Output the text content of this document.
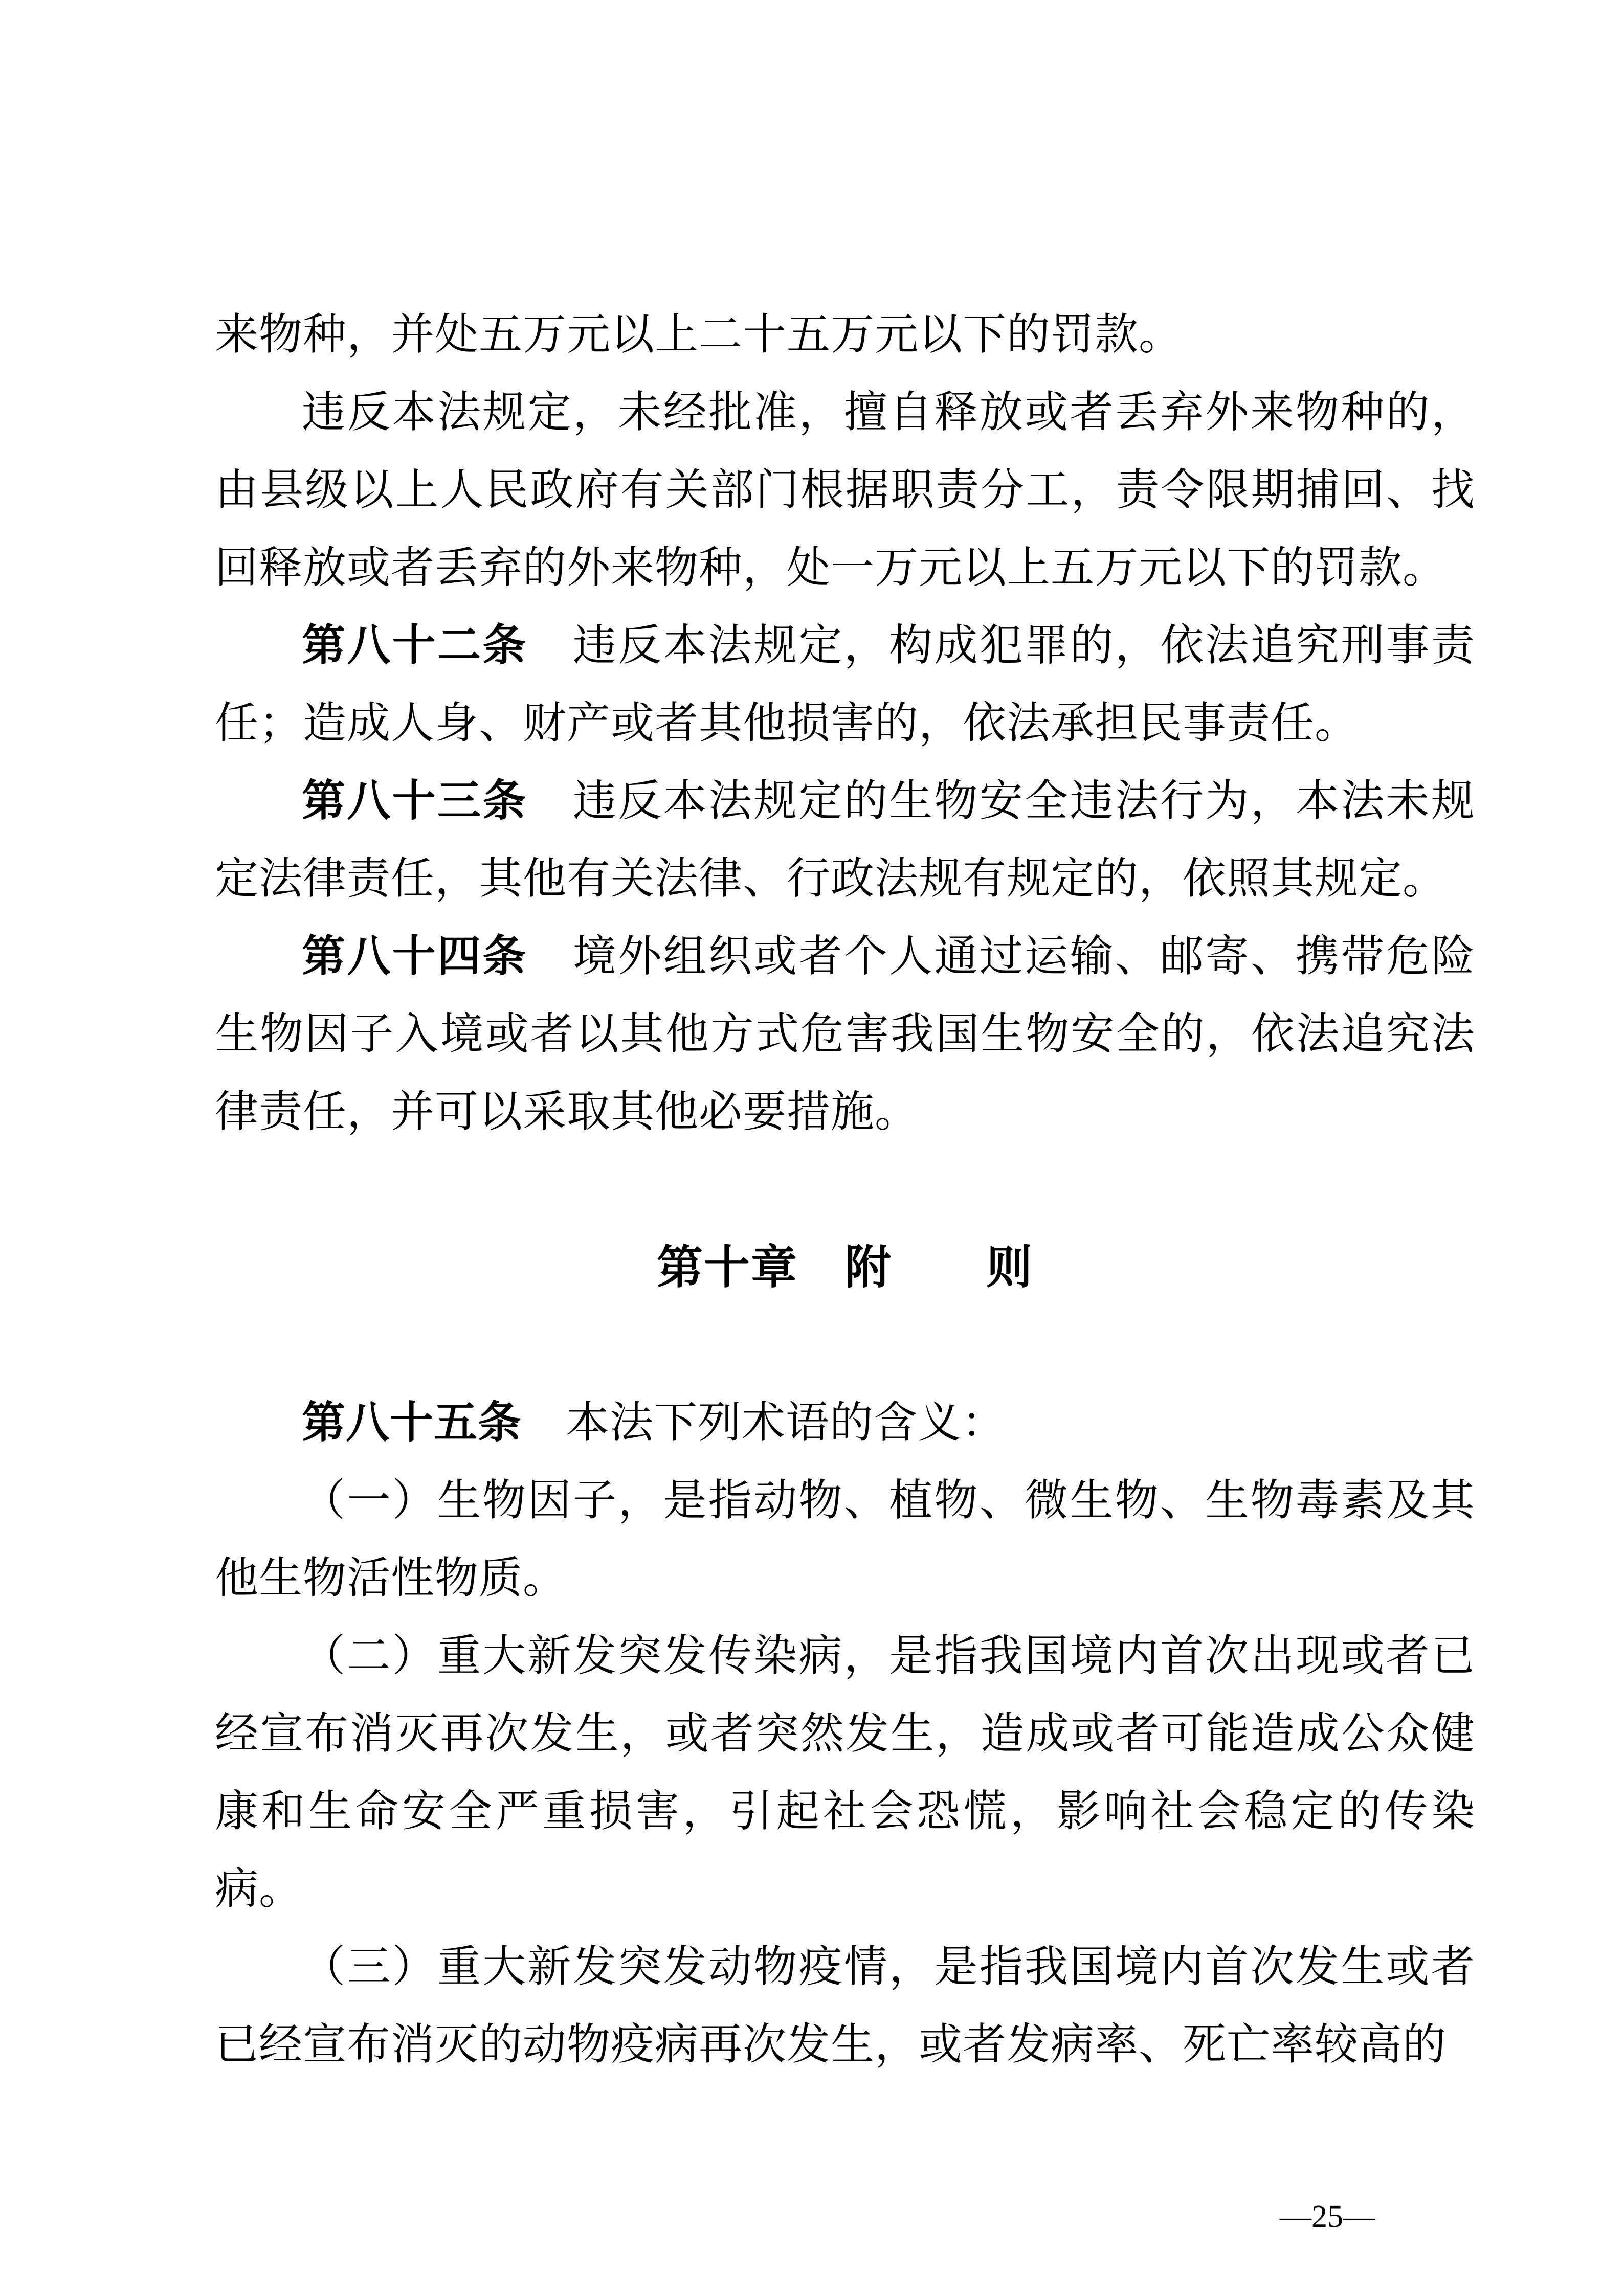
来物种，并处五万元以上二十五万元以下的罚款。

违反本法规定，未经批准，擅自释放或者丢弃外来物种的，由县级以上人民政府有关部门根据职责分工，责令限期捕回、找回释放或者丢弃的外来物种，处一万元以上五万元以下的罚款。

第八十二条　违反本法规定，构成犯罪的，依法追究刑事责任；造成人身、财产或者其他损害的，依法承担民事责任。

第八十三条　违反本法规定的生物安全违法行为，本法未规定法律责任，其他有关法律、行政法规有规定的，依照其规定。

第八十四条　境外组织或者个人通过运输、邮寄、携带危险生物因子入境或者以其他方式危害我国生物安全的，依法追究法律责任，并可以采取其他必要措施。

第十章　附　　则

第八十五条　本法下列术语的含义：

（一）生物因子，是指动物、植物、微生物、生物毒素及其他生物活性物质。

（二）重大新发突发传染病，是指我国境内首次出现或者已经宣布消灭再次发生，或者突然发生，造成或者可能造成公众健康和生命安全严重损害，引起社会恐慌，影响社会稳定的传染病。

（三）重大新发突发动物疫情，是指我国境内首次发生或者已经宣布消灭的动物疫病再次发生，或者发病率、死亡率较高的

—25—
